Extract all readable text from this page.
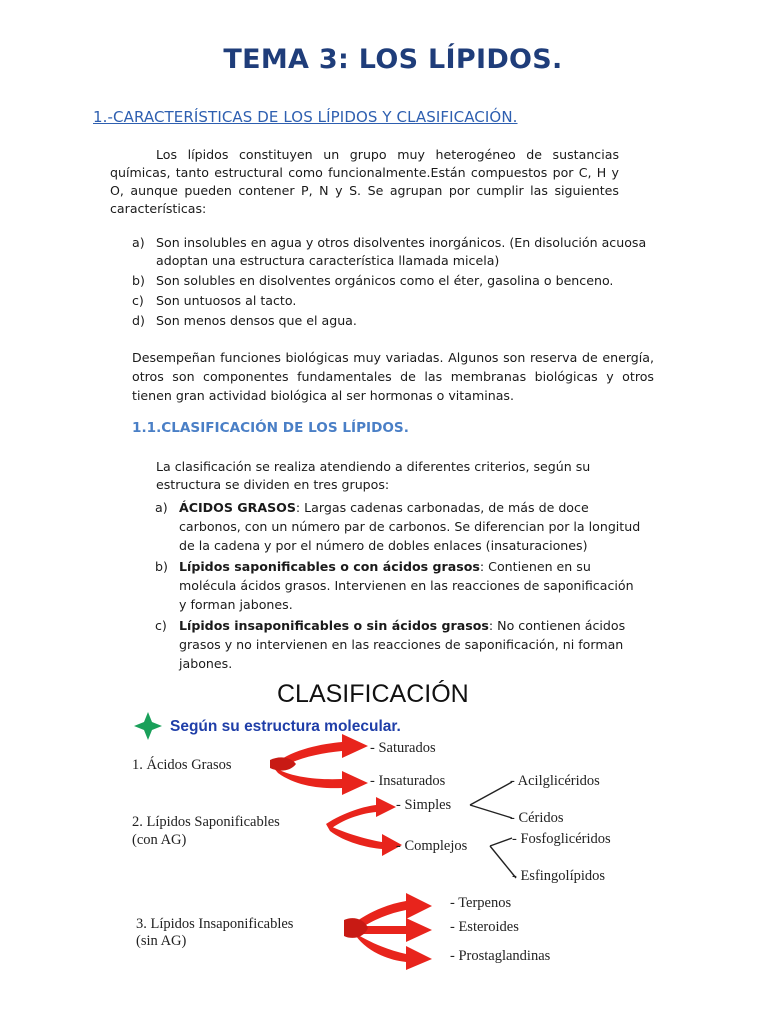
TEMA 3: LOS LÍPIDOS.
1.-CARACTERÍSTICAS DE LOS LÍPIDOS Y CLASIFICACIÓN.
Los lípidos constituyen un grupo muy heterogéneo de sustancias químicas, tanto estructural como funcionalmente.Están compuestos por C, H y O, aunque pueden contener P, N y S. Se agrupan por cumplir las siguientes características:
a) Son insolubles en agua y otros disolventes inorgánicos. (En disolución acuosa adoptan una estructura característica llamada micela)
b) Son solubles en disolventes orgánicos como el éter, gasolina o benceno.
c) Son untuosos al tacto.
d) Son menos densos que el agua.
Desempeñan funciones biológicas muy variadas. Algunos son reserva de energía, otros son componentes fundamentales de las membranas biológicas y otros tienen gran actividad biológica al ser hormonas o vitaminas.
1.1.CLASIFICACIÓN DE LOS LÍPIDOS.
La clasificación se realiza atendiendo a diferentes criterios, según su estructura se dividen en tres grupos:
a) ÁCIDOS GRASOS: Largas cadenas carbonadas, de más de doce carbonos, con un número par de carbonos. Se diferencian por la longitud de la cadena y por el número de dobles enlaces (insaturaciones)
b) Lípidos saponificables o con ácidos grasos: Contienen en su molécula ácidos grasos. Intervienen en las reacciones de saponificación y forman jabones.
c) Lípidos insaponificables o sin ácidos grasos: No contienen ácidos grasos y no intervienen en las reacciones de saponificación, ni forman jabones.
CLASIFICACIÓN
Según su estructura molecular.
1. Ácidos Grasos
- Saturados
- Insaturados	- Acilglicéridos
- Céridos
2. Lípidos Saponificables
(con AG)
- Simples
- Complejos	- Fosfoglicéridos
- Esfingolípidos
3. Lípidos Insaponificables
(sin AG)
- Terpenos
- Esteroides
- Prostaglandinas
